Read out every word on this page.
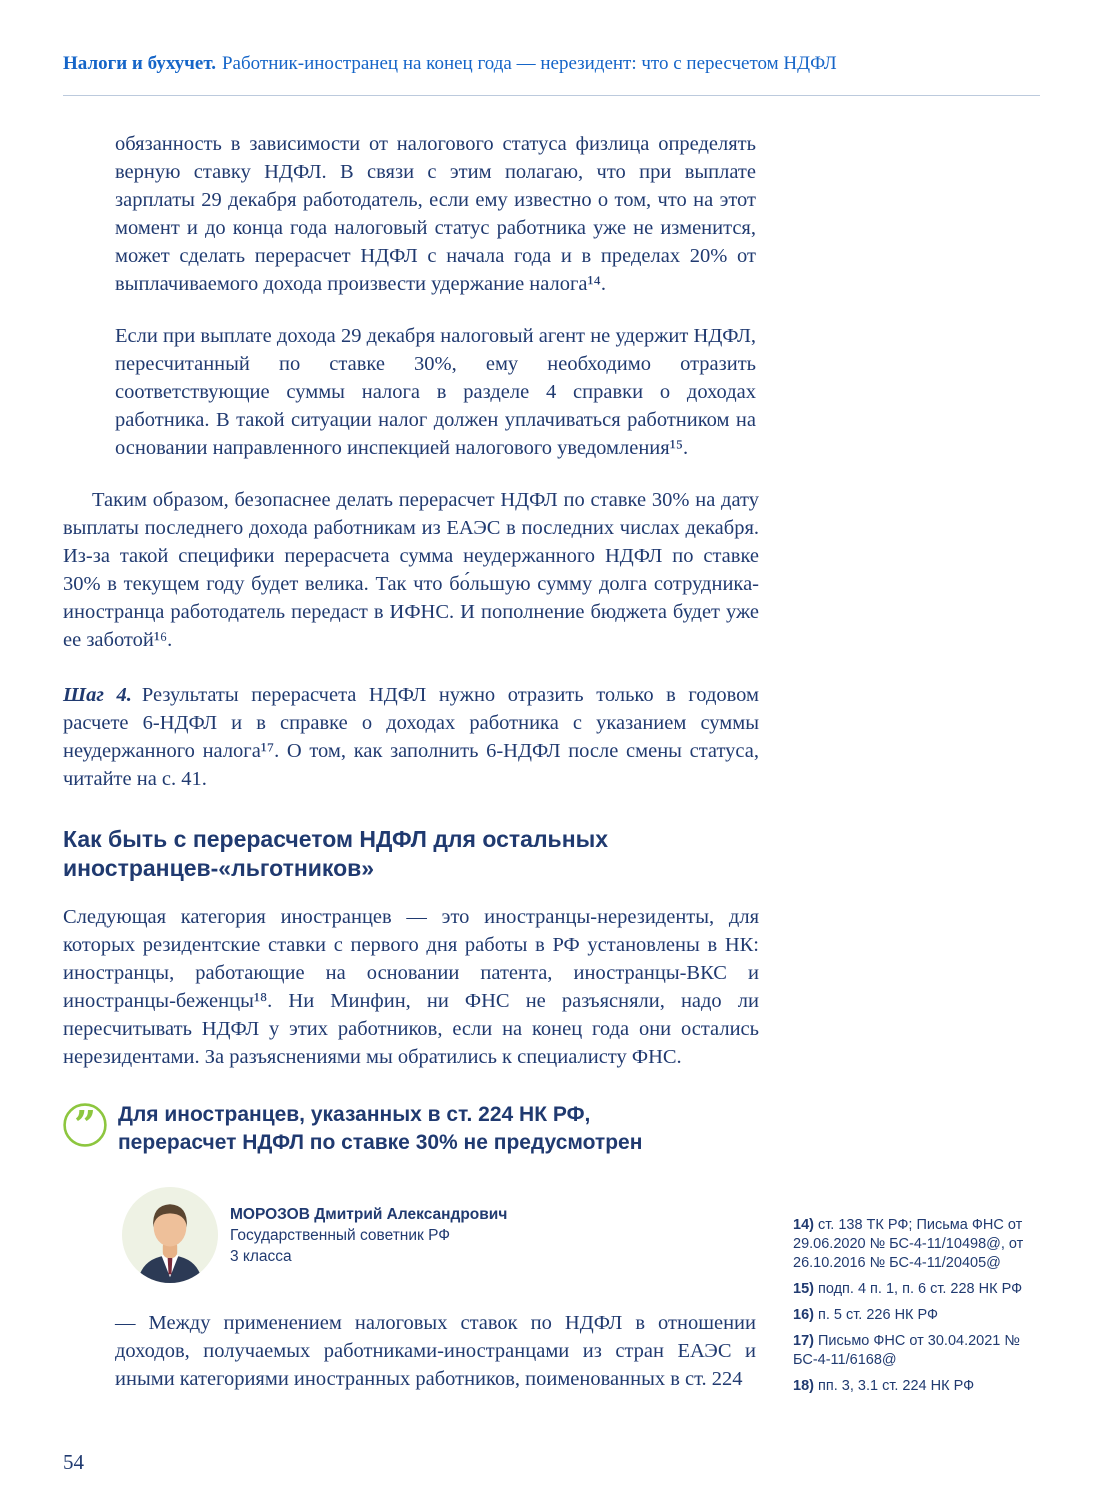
Налоги и бухучет. Работник-иностранец на конец года — нерезидент: что с пересчетом НДФЛ

обязанность в зависимости от налогового статуса физлица определять верную ставку НДФЛ. В связи с этим полагаю, что при выплате зарплаты 29 декабря работодатель, если ему известно о том, что на этот момент и до конца года налоговый статус работника уже не изменится, может сделать перерасчет НДФЛ с начала года и в пределах 20% от выплачиваемого дохода произвести удержание налога¹⁴.

Если при выплате дохода 29 декабря налоговый агент не удержит НДФЛ, пересчитанный по ставке 30%, ему необходимо отразить соответствующие суммы налога в разделе 4 справки о доходах работника. В такой ситуации налог должен уплачиваться работником на основании направленного инспекцией налогового уведомления¹⁵.

Таким образом, безопаснее делать перерасчет НДФЛ по ставке 30% на дату выплаты последнего дохода работникам из ЕАЭС в последних числах декабря. Из-за такой специфики перерасчета сумма неудержанного НДФЛ по ставке 30% в текущем году будет велика. Так что бо́льшую сумму долга сотрудника-иностранца работодатель передаст в ИФНС. И пополнение бюджета будет уже ее заботой¹⁶.

Шаг 4. Результаты перерасчета НДФЛ нужно отразить только в годовом расчете 6-НДФЛ и в справке о доходах работника с указанием суммы неудержанного налога¹⁷. О том, как заполнить 6-НДФЛ после смены статуса, читайте на с. 41.

Как быть с перерасчетом НДФЛ для остальных иностранцев-«льготников»

Следующая категория иностранцев — это иностранцы-нерезиденты, для которых резидентские ставки с первого дня работы в РФ установлены в НК: иностранцы, работающие на основании патента, иностранцы-ВКС и иностранцы-беженцы¹⁸. Ни Минфин, ни ФНС не разъясняли, надо ли пересчитывать НДФЛ у этих работников, если на конец года они остались нерезидентами. За разъяснениями мы обратились к специалисту ФНС.

” Для иностранцев, указанных в ст. 224 НК РФ, перерасчет НДФЛ по ставке 30% не предусмотрен
МОРОЗОВ Дмитрий Александрович
Государственный советник РФ
3 класса

— Между применением налоговых ставок по НДФЛ в отношении доходов, получаемых работниками-иностранцами из стран ЕАЭС и иными категориями иностранных работников, поименованных в ст. 224

14) ст. 138 ТК РФ; Письма ФНС от 29.06.2020 № БС-4-11/10498@, от 26.10.2016 № БС-4-11/20405@

15) подп. 4 п. 1, п. 6 ст. 228 НК РФ

16) п. 5 ст. 226 НК РФ

17) Письмо ФНС от 30.04.2021 № БС-4-11/6168@

18) пп. 3, 3.1 ст. 224 НК РФ

54
